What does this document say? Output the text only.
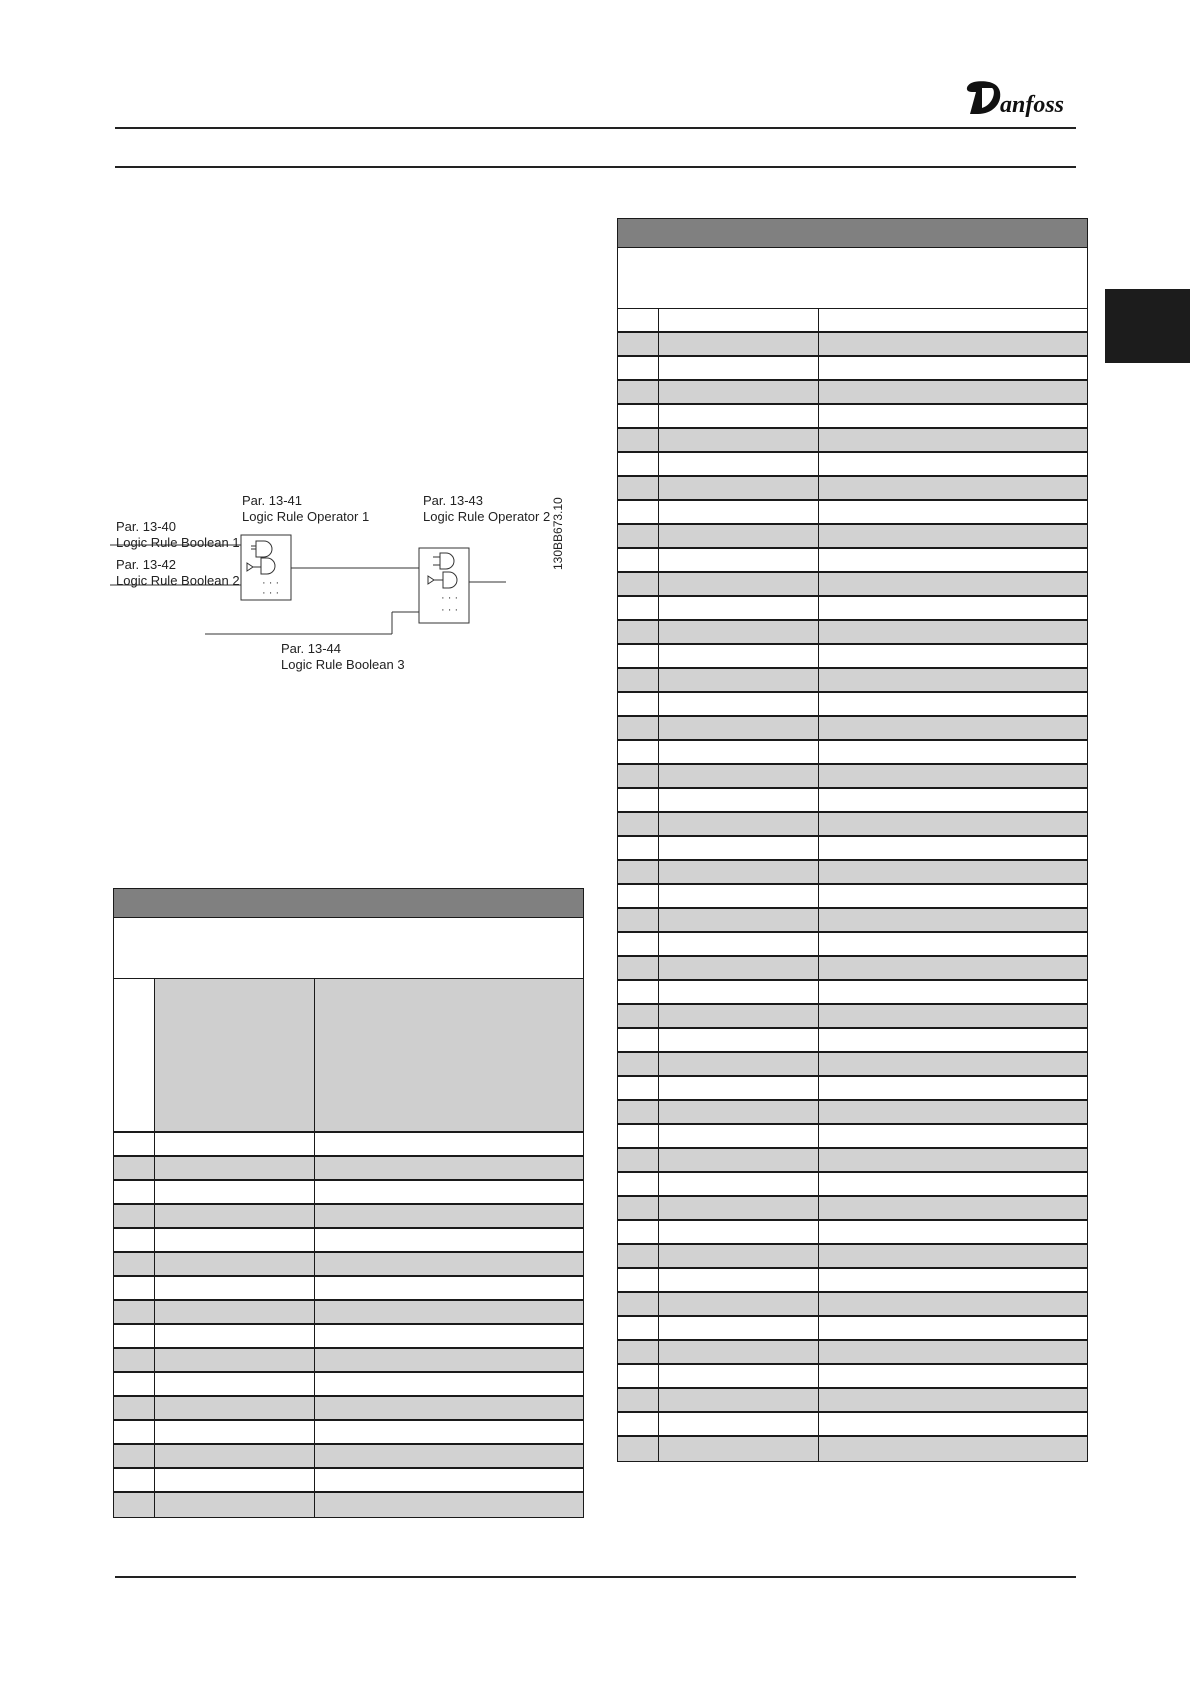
anfoss
· · ·
· · ·	· · ·
· · ·
Par. 13-41
Logic Rule Operator 1
Par. 13-43
Logic Rule Operator 2
Par. 13-40
Logic Rule Boolean 1
Par. 13-42
Logic Rule Boolean 2
Par. 13-44
Logic Rule Boolean 3
130BB673.10
